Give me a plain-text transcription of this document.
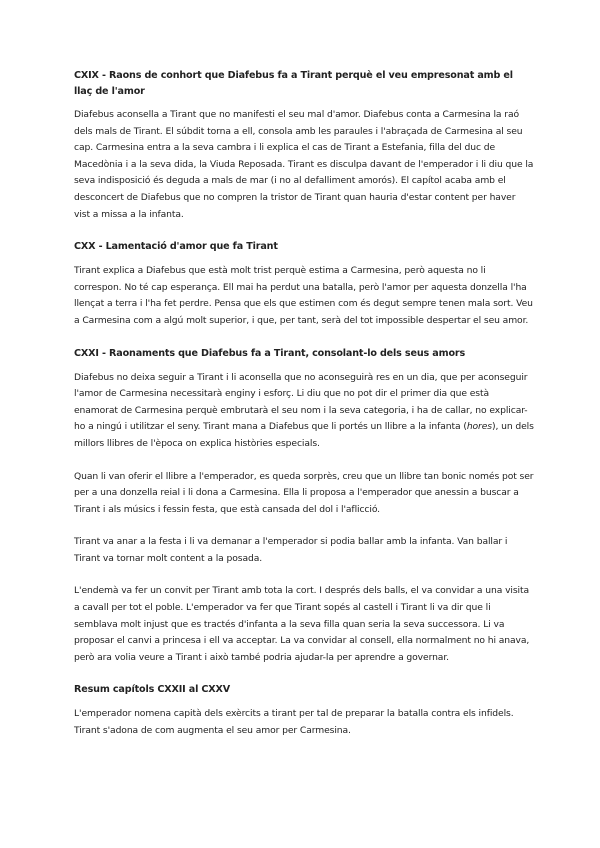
CXIX - Raons de conhort que Diafebus fa a Tirant perquè el veu empresonat amb el llaç de l'amor

Diafebus aconsella a Tirant que no manifesti el seu mal d'amor. Diafebus conta a Carmesina la raó dels mals de Tirant. El súbdit torna a ell, consola amb les paraules i l'abraçada de Carmesina al seu cap. Carmesina entra a la seva cambra i li explica el cas de Tirant a Estefania, filla del duc de Macedònia i a la seva dida, la Viuda Reposada. Tirant es disculpa davant de l'emperador i li diu que la seva indisposició és deguda a mals de mar (i no al defalliment amorós). El capítol acaba amb el desconcert de Diafebus que no compren la tristor de Tirant quan hauria d'estar content per haver vist a missa a la infanta.

CXX - Lamentació d'amor que fa Tirant

Tirant explica a Diafebus que està molt trist perquè estima a Carmesina, però aquesta no li correspon. No té cap esperança. Ell mai ha perdut una batalla, però l'amor per aquesta donzella l'ha llençat a terra i l'ha fet perdre. Pensa que els que estimen com és degut sempre tenen mala sort. Veu a Carmesina com a algú molt superior, i que, per tant, serà del tot impossible despertar el seu amor.

CXXI - Raonaments que Diafebus fa a Tirant, consolant-lo dels seus amors

Diafebus no deixa seguir a Tirant i li aconsella que no aconseguirà res en un dia, que per aconseguir l'amor de Carmesina necessitarà enginy i esforç. Li diu que no pot dir el primer dia que està enamorat de Carmesina perquè embrutarà el seu nom i la seva categoria, i ha de callar, no explicar-ho a ningú i utilitzar el seny. Tirant mana a Diafebus que li portés un llibre a la infanta (hores), un dels millors llibres de l'època on explica històries especials.

Quan li van oferir el llibre a l'emperador, es queda sorprès, creu que un llibre tan bonic només pot ser per a una donzella reial i li dona a Carmesina. Ella li proposa a l'emperador que anessin a buscar a Tirant i als músics i fessin festa, que està cansada del dol i l'aflicció.

Tirant va anar a la festa i li va demanar a l'emperador si podia ballar amb la infanta. Van ballar i Tirant va tornar molt content a la posada.

L'endemà va fer un convit per Tirant amb tota la cort. I després dels balls, el va convidar a una visita a cavall per tot el poble. L'emperador va fer que Tirant sopés al castell i Tirant li va dir que li semblava molt injust que es tractés d'infanta a la seva filla quan seria la seva successora. Li va proposar el canvi a princesa i ell va acceptar. La va convidar al consell, ella normalment no hi anava, però ara volia veure a Tirant i això també podria ajudar-la per aprendre a governar.

Resum capítols CXXII al CXXV

L'emperador nomena capità dels exèrcits a tirant per tal de preparar la batalla contra els infidels. Tirant s'adona de com augmenta el seu amor per Carmesina.
